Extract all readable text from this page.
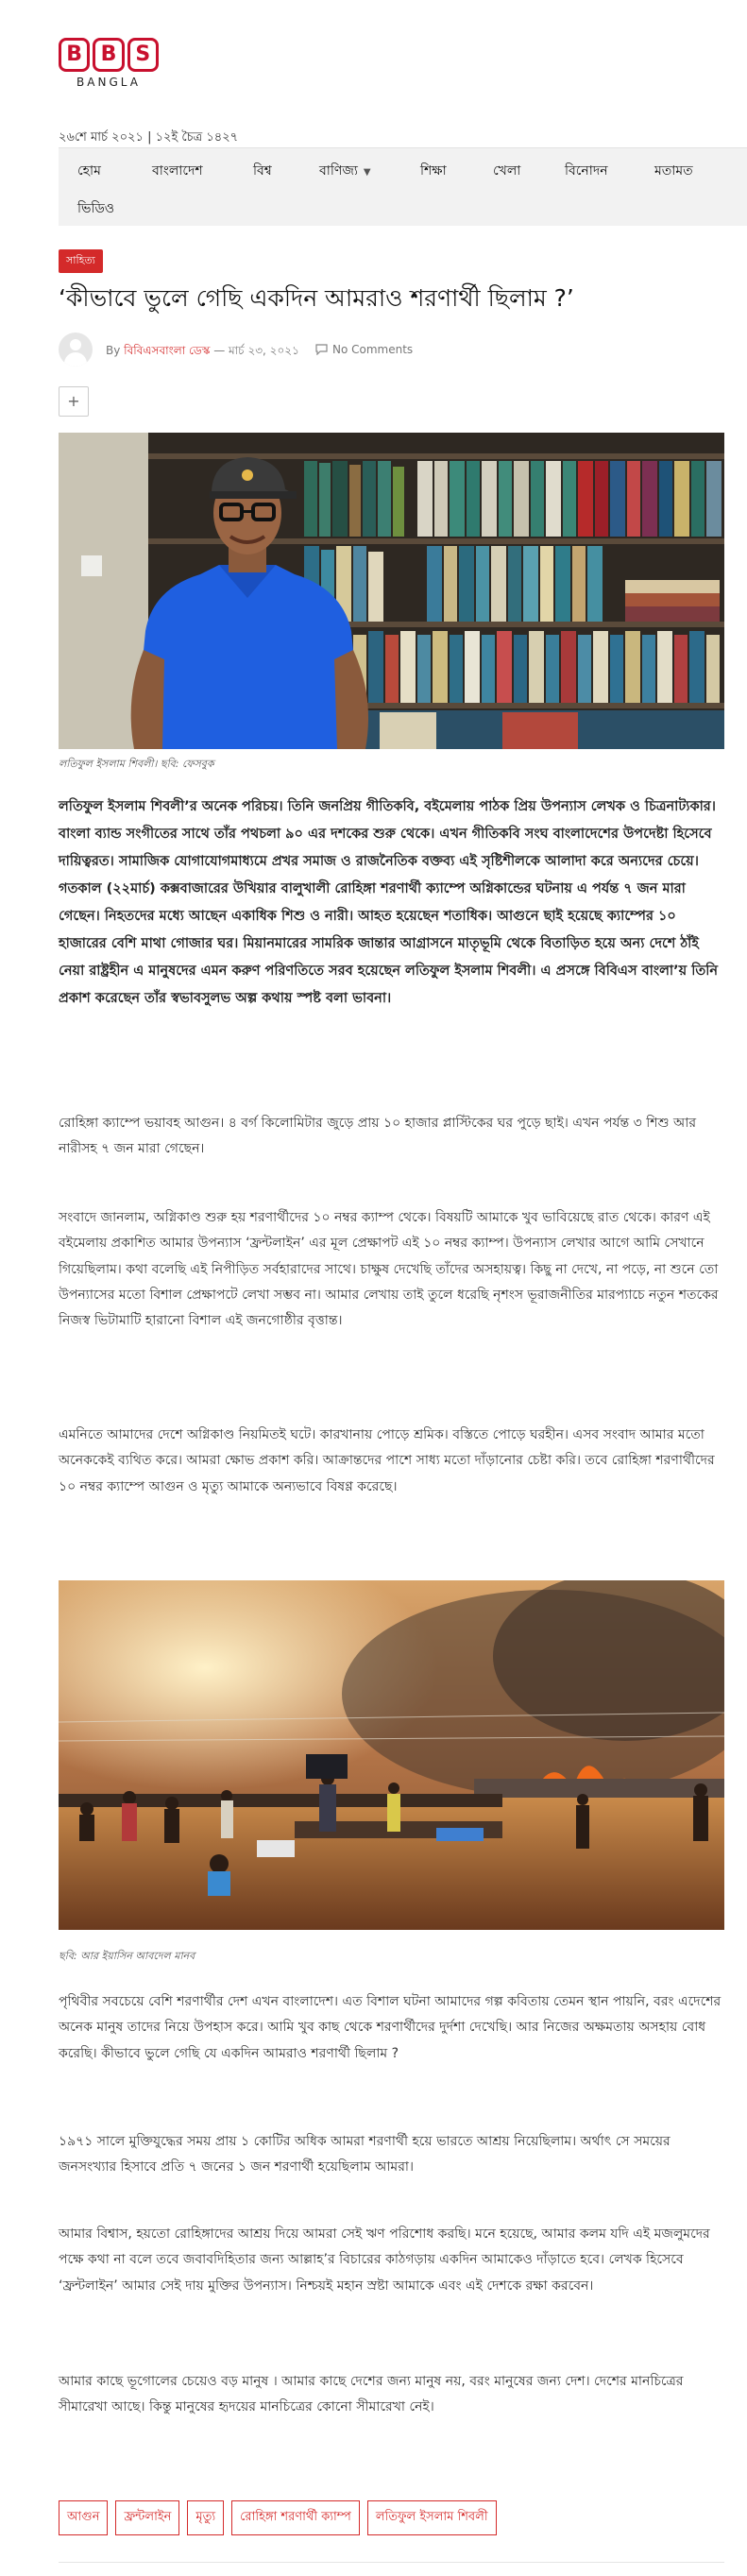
B B S
BANGLA
২৬শে মার্চ ২০২১ | ১২ই চৈত্র ১৪২৭
হোম	বাংলাদেশ	বিশ্ব	বাণিজ্য ▼	শিক্ষা	খেলা	বিনোদন	মতামত
ভিডিও
সাহিত্য
‘কীভাবে ভুলে গেছি একদিন আমরাও শরণার্থী ছিলাম ?’
By বিবিএসবাংলা ডেস্ক — মার্চ ২৩, ২০২১	No Comments
+
লতিফুল ইসলাম শিবলী। ছবি: ফেসবুক
লতিফুল ইসলাম শিবলী’র অনেক পরিচয়। তিনি জনপ্রিয় গীতিকবি, বইমেলায় পাঠক প্রিয় উপন্যাস লেখক ও চিত্রনাট্যকার। বাংলা ব্যান্ড সংগীতের সাথে তাঁর পথচলা ৯০ এর দশকের শুরু থেকে। এখন গীতিকবি সংঘ বাংলাদেশের উপদেষ্টা হিসেবে দায়িত্বরত। সামাজিক যোগাযোগমাধ্যমে প্রখর সমাজ ও রাজনৈতিক বক্তব্য এই সৃষ্টিশীলকে আলাদা করে অন্যদের চেয়ে। গতকাল (২২মার্চ) কক্সবাজারের উখিয়ার বালুখালী রোহিঙ্গা শরণার্থী ক্যাম্পে অগ্নিকান্ডের ঘটনায় এ পর্যন্ত ৭ জন মারা গেছেন। নিহতদের মধ্যে আছেন একাধিক শিশু ও নারী। আহত হয়েছেন শতাধিক। আগুনে ছাই হয়েছে ক্যাম্পের ১০ হাজারের বেশি মাথা গোজার ঘর। মিয়ানমারের সামরিক জান্তার আগ্রাসনে মাতৃভূমি থেকে বিতাড়িত হয়ে অন্য দেশে ঠাঁই নেয়া রাষ্ট্রহীন এ মানুষদের এমন করুণ পরিণতিতে সরব হয়েছেন লতিফুল ইসলাম শিবলী। এ প্রসঙ্গে বিবিএস বাংলা’য় তিনি প্রকাশ করেছেন তাঁর স্বভাবসুলভ অল্প কথায় স্পষ্ট বলা ভাবনা।
রোহিঙ্গা ক্যাম্পে ভয়াবহ আগুন। ৪ বর্গ কিলোমিটার জুড়ে প্রায় ১০ হাজার প্লাস্টিকের ঘর পুড়ে ছাই। এখন পর্যন্ত ৩ শিশু আর নারীসহ ৭ জন মারা গেছেন।
সংবাদে জানলাম, অগ্নিকাণ্ড শুরু হয় শরণার্থীদের ১০ নম্বর ক্যাম্প থেকে। বিষয়টি আমাকে খুব ভাবিয়েছে রাত থেকে। কারণ এই বইমেলায় প্রকাশিত আমার উপন্যাস ‘ফ্রন্টলাইন’ এর মূল প্রেক্ষাপট এই ১০ নম্বর ক্যাম্প। উপন্যাস লেখার আগে আমি সেখানে গিয়েছিলাম। কথা বলেছি এই নিপীড়িত সর্বহারাদের সাথে। চাক্ষুষ দেখেছি তাঁদের অসহায়ত্ব। কিছু না দেখে, না পড়ে, না শুনে তো উপন্যাসের মতো বিশাল প্রেক্ষাপটে লেখা সম্ভব না। আমার লেখায় তাই তুলে ধরেছি নৃশংস ভূরাজনীতির মারপ্যাচে নতুন শতকের নিজস্ব ভিটামাটি হারানো বিশাল এই জনগোষ্ঠীর বৃত্তান্ত।
এমনিতে আমাদের দেশে অগ্নিকাণ্ড নিয়মিতই ঘটে। কারখানায় পোড়ে শ্রমিক। বস্তিতে পোড়ে ঘরহীন। এসব সংবাদ আমার মতো অনেককেই ব্যথিত করে। আমরা ক্ষোভ প্রকাশ করি। আক্রান্তদের পাশে সাধ্য মতো দাঁড়ানোর চেষ্টা করি। তবে রোহিঙ্গা শরণার্থীদের ১০ নম্বর ক্যাম্পে আগুন ও মৃত্যু আমাকে অন্যভাবে বিষণ্ণ করেছে।
ছবি: আর ইয়াসিন আবদেল মানব
পৃথিবীর সবচেয়ে বেশি শরণার্থীর দেশ এখন বাংলাদেশ। এত বিশাল ঘটনা আমাদের গল্প কবিতায় তেমন স্থান পায়নি, বরং এদেশের অনেক মানুষ তাদের নিয়ে উপহাস করে। আমি খুব কাছ থেকে শরণার্থীদের দুর্দশা দেখেছি। আর নিজের অক্ষমতায় অসহায় বোধ করেছি। কীভাবে ভুলে গেছি যে একদিন আমরাও শরণার্থী ছিলাম ?
১৯৭১ সালে মুক্তিযুদ্ধের সময় প্রায় ১ কোটির অধিক আমরা শরণার্থী হয়ে ভারতে আশ্রয় নিয়েছিলাম। অর্থাৎ সে সময়ের জনসংখ্যার হিসাবে প্রতি ৭ জনের ১ জন শরণার্থী হয়েছিলাম আমরা।
আমার বিশ্বাস, হয়তো রোহিঙ্গাদের আশ্রয় দিয়ে আমরা সেই ঋণ পরিশোধ করছি। মনে হয়েছে, আমার কলম যদি এই মজলুমদের পক্ষে কথা না বলে তবে জবাবদিহিতার জন্য আল্লাহ’র বিচারের কাঠগড়ায় একদিন আমাকেও দাঁড়াতে হবে। লেখক হিসেবে ‘ফ্রন্টলাইন’ আমার সেই দায় মুক্তির উপন্যাস। নিশ্চয়ই মহান স্রষ্টা আমাকে এবং এই দেশকে রক্ষা করবেন।
আমার কাছে ভূগোলের চেয়েও বড় মানুষ । আমার কাছে দেশের জন্য মানুষ নয়, বরং মানুষের জন্য দেশ। দেশের মানচিত্রের সীমারেখা আছে। কিন্তু মানুষের হৃদয়ের মানচিত্রের কোনো সীমারেখা নেই।
আগুন	ফ্রন্টলাইন	মৃত্যু	রোহিঙ্গা শরণার্থী ক্যাম্প	লতিফুল ইসলাম শিবলী
